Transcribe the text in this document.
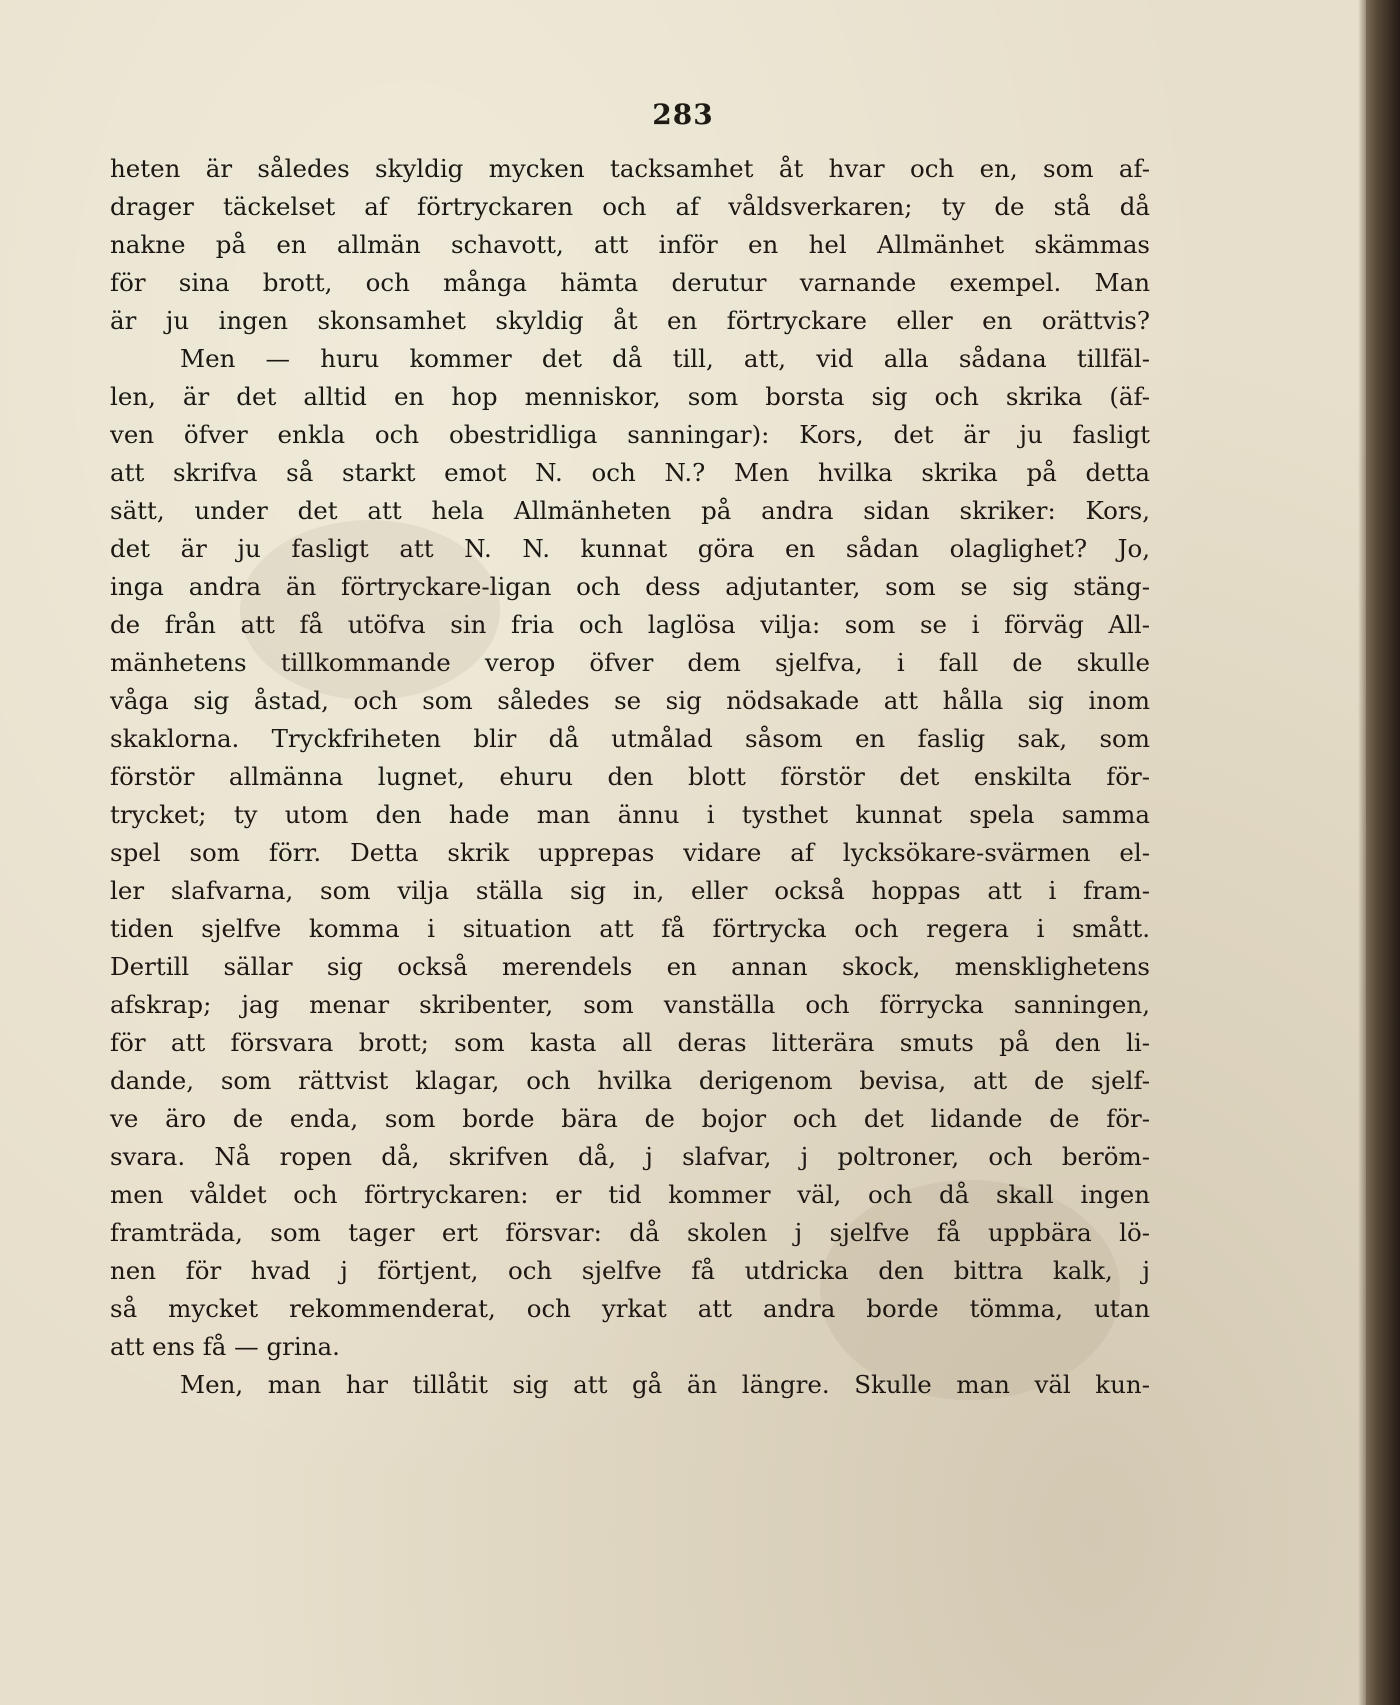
283
heten är således skyldig mycken tacksamhet åt hvar och en, som af-
drager täckelset af förtryckaren och af våldsverkaren; ty de stå då
nakne på en allmän schavott, att inför en hel Allmänhet skämmas
för sina brott, och många hämta derutur varnande exempel. Man
är ju ingen skonsamhet skyldig åt en förtryckare eller en orättvis?
Men — huru kommer det då till, att, vid alla sådana tillfäl-
len, är det alltid en hop menniskor, som borsta sig och skrika (äf-
ven öfver enkla och obestridliga sanningar): Kors, det är ju fasligt
att skrifva så starkt emot N. och N.? Men hvilka skrika på detta
sätt, under det att hela Allmänheten på andra sidan skriker: Kors,
det är ju fasligt att N. N. kunnat göra en sådan olaglighet? Jo,
inga andra än förtryckare-ligan och dess adjutanter, som se sig stäng-
de från att få utöfva sin fria och laglösa vilja: som se i förväg All-
mänhetens tillkommande verop öfver dem sjelfva, i fall de skulle
våga sig åstad, och som således se sig nödsakade att hålla sig inom
skaklorna. Tryckfriheten blir då utmålad såsom en faslig sak, som
förstör allmänna lugnet, ehuru den blott förstör det enskilta för-
trycket; ty utom den hade man ännu i tysthet kunnat spela samma
spel som förr. Detta skrik upprepas vidare af lycksökare-svärmen el-
ler slafvarna, som vilja ställa sig in, eller också hoppas att i fram-
tiden sjelfve komma i situation att få förtrycka och regera i smått.
Dertill sällar sig också merendels en annan skock, mensklighetens
afskrap; jag menar skribenter, som vanställa och förrycka sanningen,
för att försvara brott; som kasta all deras litterära smuts på den li-
dande, som rättvist klagar, och hvilka derigenom bevisa, att de sjelf-
ve äro de enda, som borde bära de bojor och det lidande de för-
svara. Nå ropen då, skrifven då, j slafvar, j poltroner, och beröm-
men våldet och förtryckaren: er tid kommer väl, och då skall ingen
framträda, som tager ert försvar: då skolen j sjelfve få uppbära lö-
nen för hvad j förtjent, och sjelfve få utdricka den bittra kalk, j
så mycket rekommenderat, och yrkat att andra borde tömma, utan
att ens få — grina.
Men, man har tillåtit sig att gå än längre. Skulle man väl kun-
